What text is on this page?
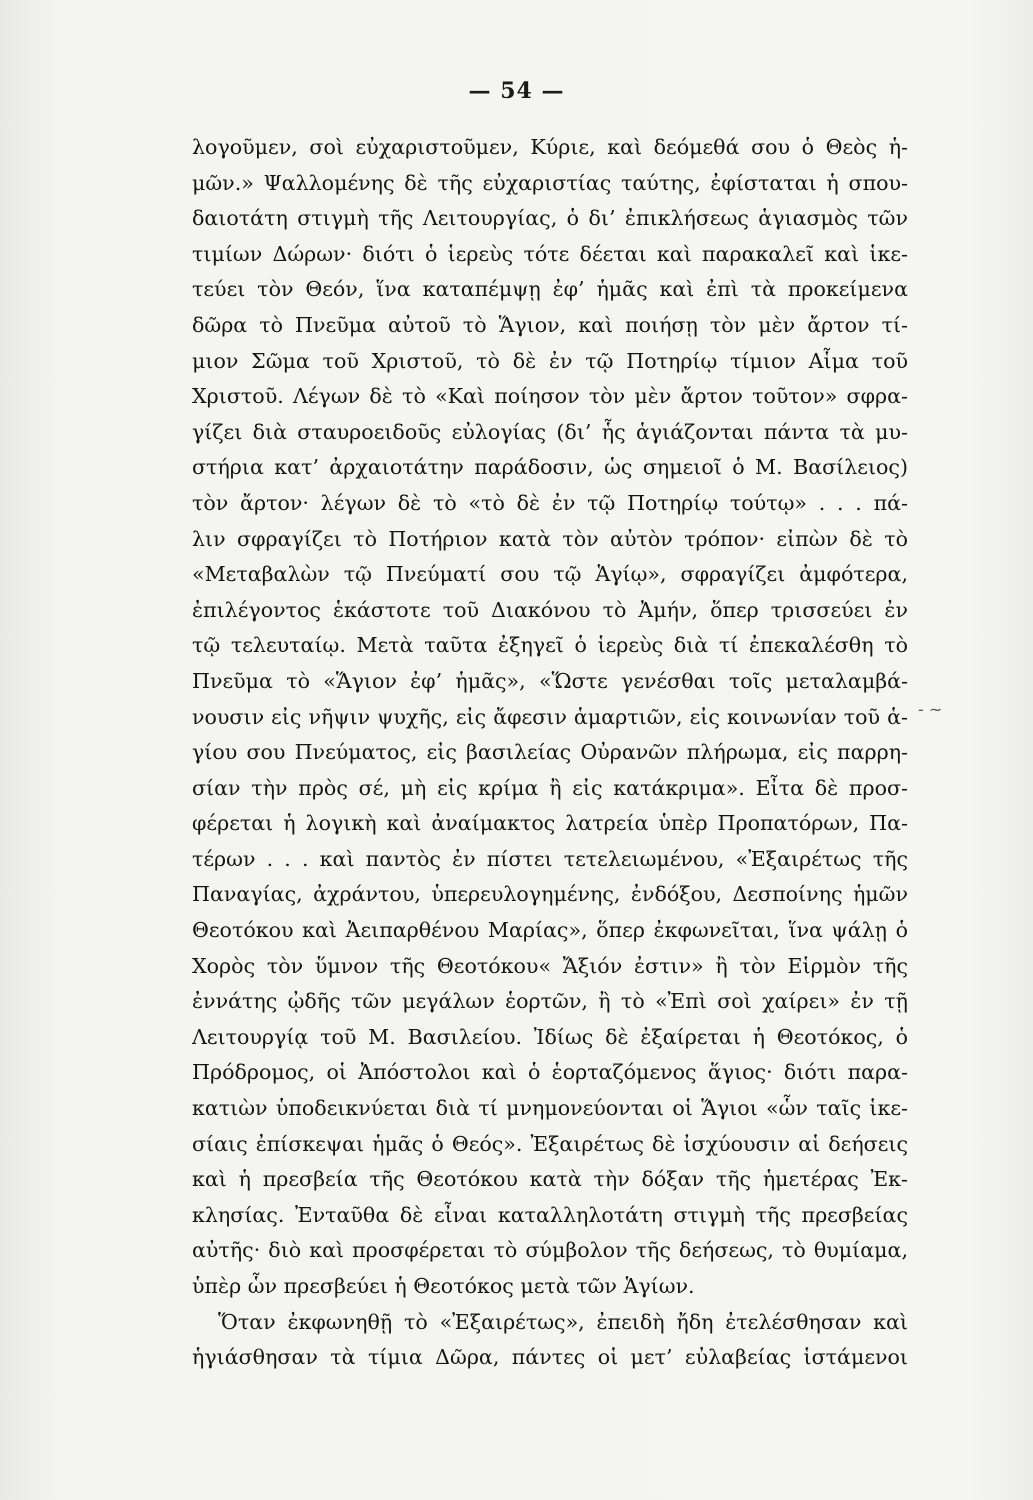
— 54 —
λογοῦμεν, σοὶ εὐχαριστοῦμεν, Κύριε, καὶ δεόμεθά σου ὁ Θεὸς ἡ-
μῶν.» Ψαλλομένης δὲ τῆς εὐχαριστίας ταύτης, ἐφίσταται ἡ σπου-
δαιοτάτη στιγμὴ τῆς Λειτουργίας, ὁ δι’ ἐπικλήσεως ἁγιασμὸς τῶν
τιμίων Δώρων· διότι ὁ ἱερεὺς τότε δέεται καὶ παρακαλεῖ καὶ ἱκε-
τεύει τὸν Θεόν, ἵνα καταπέμψῃ ἐφ’ ἡμᾶς καὶ ἐπὶ τὰ προκείμενα
δῶρα τὸ Πνεῦμα αὐτοῦ τὸ Ἅγιον, καὶ ποιήσῃ τὸν μὲν ἄρτον τί-
μιον Σῶμα τοῦ Χριστοῦ, τὸ δὲ ἐν τῷ Ποτηρίῳ τίμιον Αἷμα τοῦ
Χριστοῦ. Λέγων δὲ τὸ «Καὶ ποίησον τὸν μὲν ἄρτον τοῦτον» σφρα-
γίζει διὰ σταυροειδοῦς εὐλογίας (δι’ ἧς ἁγιάζονται πάντα τὰ μυ-
στήρια κατ’ ἀρχαιοτάτην παράδοσιν, ὡς σημειοῖ ὁ Μ. Βασίλειος)
τὸν ἄρτον· λέγων δὲ τὸ «τὸ δὲ ἐν τῷ Ποτηρίῳ τούτῳ» . . . πά-
λιν σφραγίζει τὸ Ποτήριον κατὰ τὸν αὐτὸν τρόπον· εἰπὼν δὲ τὸ
«Μεταβαλὼν τῷ Πνεύματί σου τῷ Ἁγίῳ», σφραγίζει ἀμφότερα,
ἐπιλέγοντος ἑκάστοτε τοῦ Διακόνου τὸ Ἀμήν, ὅπερ τρισσεύει ἐν
τῷ τελευταίῳ. Μετὰ ταῦτα ἐξηγεῖ ὁ ἱερεὺς διὰ τί ἐπεκαλέσθη τὸ
Πνεῦμα τὸ «Ἅγιον ἐφ’ ἡμᾶς», «Ὥστε γενέσθαι τοῖς μεταλαμβά-
νουσιν εἰς νῆψιν ψυχῆς, εἰς ἄφεσιν ἁμαρτιῶν, εἰς κοινωνίαν τοῦ ἁ-
γίου σου Πνεύματος, εἰς βασιλείας Οὐρανῶν πλήρωμα, εἰς παρρη-
σίαν τὴν πρὸς σέ, μὴ εἰς κρίμα ἢ εἰς κατάκριμα». Εἶτα δὲ προσ-
φέρεται ἡ λογικὴ καὶ ἀναίμακτος λατρεία ὑπὲρ Προπατόρων, Πα-
τέρων . . . καὶ παντὸς ἐν πίστει τετελειωμένου, «Ἐξαιρέτως τῆς
Παναγίας, ἀχράντου, ὑπερευλογημένης, ἐνδόξου, Δεσποίνης ἡμῶν
Θεοτόκου καὶ Ἀειπαρθένου Μαρίας», ὅπερ ἐκφωνεῖται, ἵνα ψάλῃ ὁ
Χορὸς τὸν ὕμνον τῆς Θεοτόκου« Ἄξιόν ἐστιν» ἢ τὸν Εἱρμὸν τῆς
ἐννάτης ᾠδῆς τῶν μεγάλων ἑορτῶν, ἢ τὸ «Ἐπὶ σοὶ χαίρει» ἐν τῇ
Λειτουργίᾳ τοῦ Μ. Βασιλείου. Ἰδίως δὲ ἐξαίρεται ἡ Θεοτόκος, ὁ
Πρόδρομος, οἱ Ἀπόστολοι καὶ ὁ ἑορταζόμενος ἅγιος· διότι παρα-
κατιὼν ὑποδεικνύεται διὰ τί μνημονεύονται οἱ Ἅγιοι «ὧν ταῖς ἱκε-
σίαις ἐπίσκεψαι ἡμᾶς ὁ Θεός». Ἐξαιρέτως δὲ ἰσχύουσιν αἱ δεήσεις
καὶ ἡ πρεσβεία τῆς Θεοτόκου κατὰ τὴν δόξαν τῆς ἡμετέρας Ἐκ-
κλησίας. Ἐνταῦθα δὲ εἶναι καταλληλοτάτη στιγμὴ τῆς πρεσβείας
αὐτῆς· διὸ καὶ προσφέρεται τὸ σύμβολον τῆς δεήσεως, τὸ θυμίαμα,
ὑπὲρ ὧν πρεσβεύει ἡ Θεοτόκος μετὰ τῶν Ἁγίων.
Ὅταν ἐκφωνηθῇ τὸ «Ἐξαιρέτως», ἐπειδὴ ἤδη ἐτελέσθησαν καὶ
ἡγιάσθησαν τὰ τίμια Δῶρα, πάντες οἱ μετ’ εὐλαβείας ἱστάμενοι
- ~
